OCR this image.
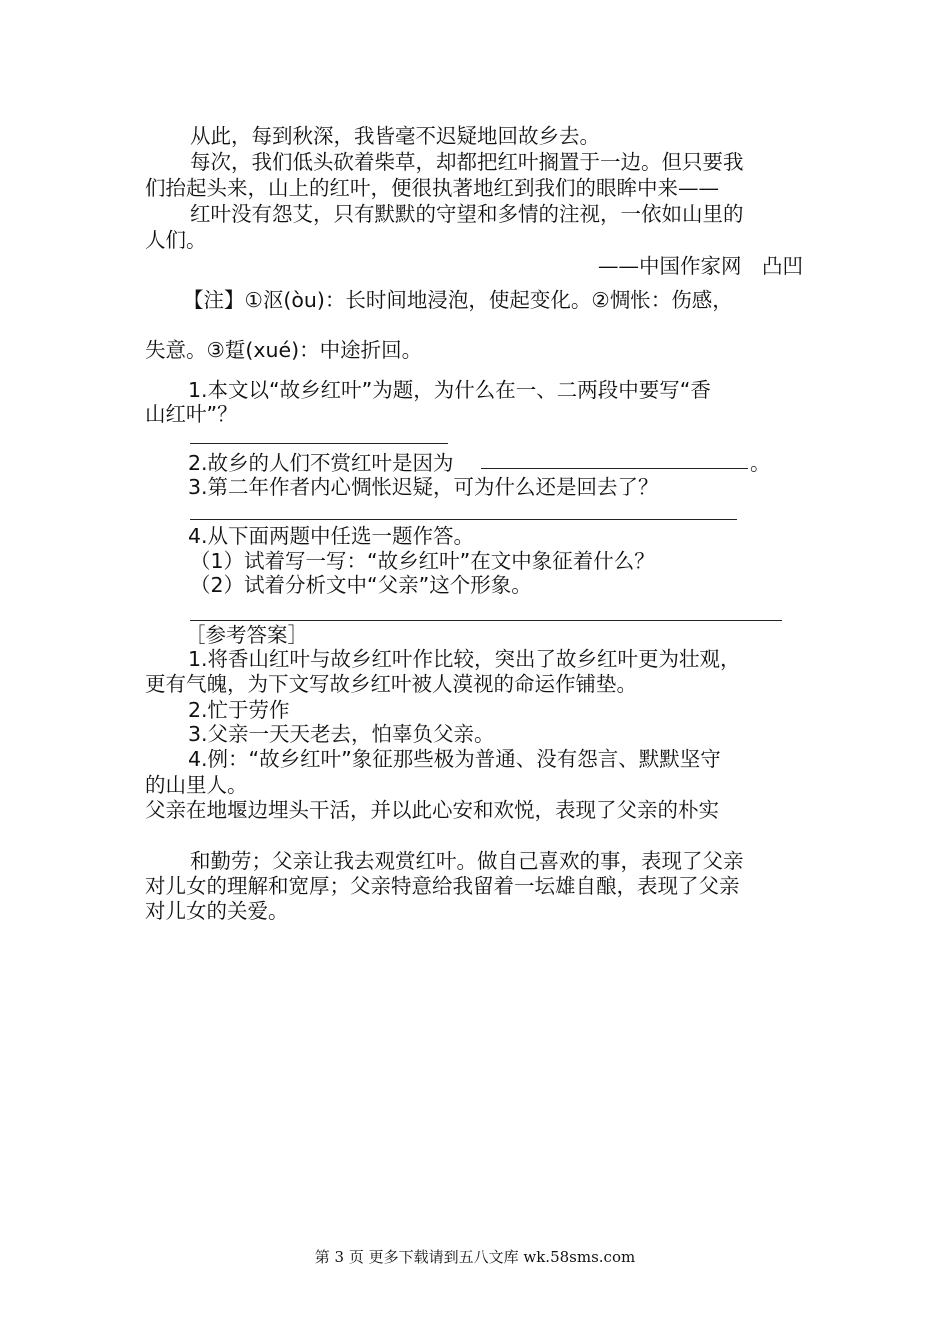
从此，每到秋深，我皆毫不迟疑地回故乡去。
每次，我们低头砍着柴草，却都把红叶搁置于一边。但只要我
们抬起头来，山上的红叶，便很执著地红到我们的眼眸中来——
红叶没有怨艾，只有默默的守望和多情的注视，一依如山里的
人们。
——中国作家网　凸凹
【注】①沤(òu)：长时间地浸泡，使起变化。②惆怅：伤感，
失意。③踅(xué)：中途折回。
1.本文以“故乡红叶”为题，为什么在一、二两段中要写“香
山红叶”？
2.故乡的人们不赏红叶是因为	。
3.第二年作者内心惆怅迟疑，可为什么还是回去了？
4.从下面两题中任选一题作答。
（1）试着写一写：“故乡红叶”在文中象征着什么？
（2）试着分析文中“父亲”这个形象。
［参考答案］
1.将香山红叶与故乡红叶作比较，突出了故乡红叶更为壮观，
更有气魄，为下文写故乡红叶被人漠视的命运作铺垫。
2.忙于劳作
3.父亲一天天老去，怕辜负父亲。
4.例：“故乡红叶”象征那些极为普通、没有怨言、默默坚守
的山里人。
父亲在地堰边埋头干活，并以此心安和欢悦，表现了父亲的朴实
和勤劳；父亲让我去观赏红叶。做自己喜欢的事，表现了父亲
对儿女的理解和宽厚；父亲特意给我留着一坛雄自酿，表现了父亲
对儿女的关爱。
第 3 页 更多下载请到五八文库 wk.58sms.com
